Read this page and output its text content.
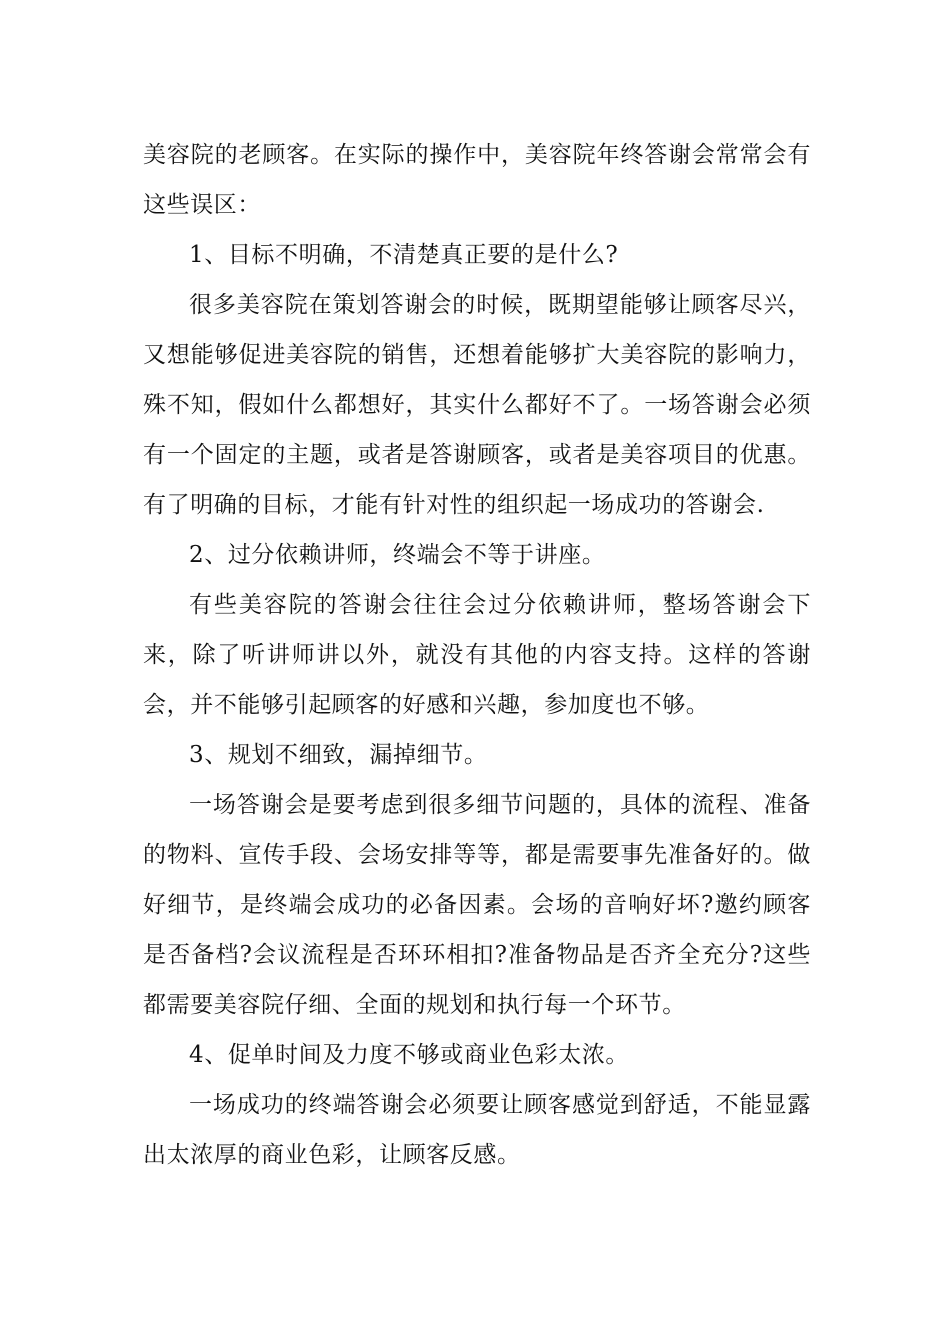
美容院的老顾客。在实际的操作中，美容院年终答谢会常常会有这些误区：

1、目标不明确，不清楚真正要的是什么?

很多美容院在策划答谢会的时候，既期望能够让顾客尽兴，又想能够促进美容院的销售，还想着能够扩大美容院的影响力，殊不知，假如什么都想好，其实什么都好不了。一场答谢会必须有一个固定的主题，或者是答谢顾客，或者是美容项目的优惠。有了明确的目标，才能有针对性的组织起一场成功的答谢会.

2、过分依赖讲师，终端会不等于讲座。

有些美容院的答谢会往往会过分依赖讲师，整场答谢会下来，除了听讲师讲以外，就没有其他的内容支持。这样的答谢会，并不能够引起顾客的好感和兴趣，参加度也不够。

3、规划不细致，漏掉细节。

一场答谢会是要考虑到很多细节问题的，具体的流程、准备的物料、宣传手段、会场安排等等，都是需要事先准备好的。做好细节，是终端会成功的必备因素。会场的音响好坏?邀约顾客是否备档?会议流程是否环环相扣?准备物品是否齐全充分?这些都需要美容院仔细、全面的规划和执行每一个环节。

4、促单时间及力度不够或商业色彩太浓。

一场成功的终端答谢会必须要让顾客感觉到舒适，不能显露出太浓厚的商业色彩，让顾客反感。
